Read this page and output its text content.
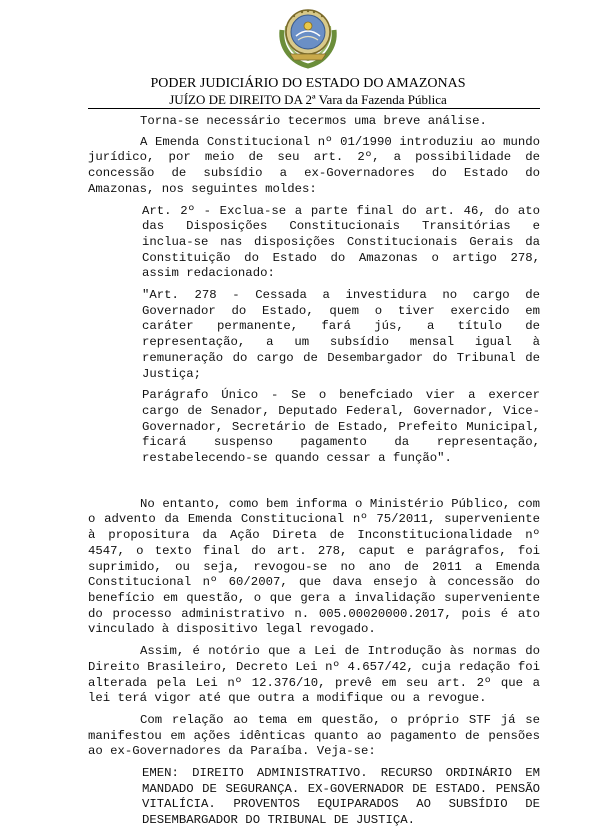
PODER JUDICIÁRIO DO ESTADO DO AMAZONAS
JUÍZO DE DIREITO DA 2ª Vara da Fazenda Pública

Torna-se necessário tecermos uma breve análise.

A Emenda Constitucional nº 01/1990 introduziu ao mundo jurídico, por meio de seu art. 2º, a possibilidade de concessão de subsídio a ex-Governadores do Estado do Amazonas, nos seguintes moldes:

Art. 2º - Exclua-se a parte final do art. 46, do ato das Disposições Constitucionais Transitórias e inclua-se nas disposições Constitucionais Gerais da Constituição do Estado do Amazonas o artigo 278, assim redacionado:

"Art. 278 - Cessada a investidura no cargo de Governador do Estado, quem o tiver exercido em caráter permanente, fará jús, a título de representação, a um subsídio mensal igual à remuneração do cargo de Desembargador do Tribunal de Justiça;

Parágrafo Único - Se o benefciado vier a exercer cargo de Senador, Deputado Federal, Governador, Vice-Governador, Secretário de Estado, Prefeito Municipal, ficará suspenso pagamento da representação, restabelecendo-se quando cessar a função".

No entanto, como bem informa o Ministério Público, com o advento da Emenda Constitucional nº 75/2011, superveniente à propositura da Ação Direta de Inconstitucionalidade nº 4547, o texto final do art. 278, caput e parágrafos, foi suprimido, ou seja, revogou-se no ano de 2011 a Emenda Constitucional nº 60/2007, que dava ensejo à concessão do benefício em questão, o que gera a invalidação superveniente do processo administrativo n. 005.00020000.2017, pois é ato vinculado à dispositivo legal revogado.

Assim, é notório que a Lei de Introdução às normas do Direito Brasileiro, Decreto Lei nº 4.657/42, cuja redação foi alterada pela Lei nº 12.376/10, prevê em seu art. 2º que a lei terá vigor até que outra a modifique ou a revogue.

Com relação ao tema em questão, o próprio STF já se manifestou em ações idênticas quanto ao pagamento de pensões ao ex-Governadores da Paraíba. Veja-se:

EMEN: DIREITO ADMINISTRATIVO. RECURSO ORDINÁRIO EM MANDADO DE SEGURANÇA. EX-GOVERNADOR DE ESTADO. PENSÃO VITALÍCIA. PROVENTOS EQUIPARADOS AO SUBSÍDIO DE DESEMBARGADOR DO TRIBUNAL DE JUSTIÇA.
